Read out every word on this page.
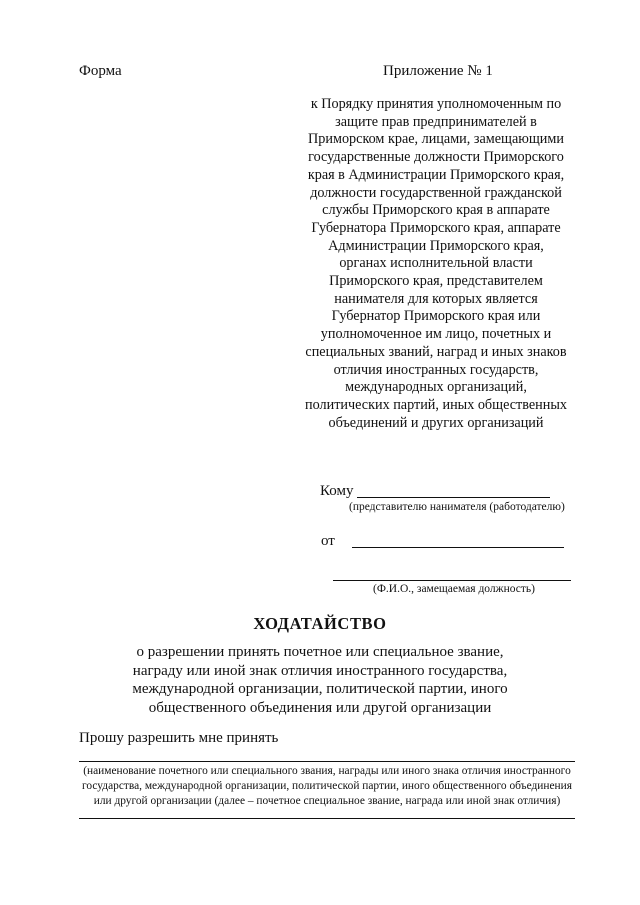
Форма	Приложение № 1
к Порядку принятия уполномоченным по
защите прав предпринимателей в
Приморском крае, лицами, замещающими
государственные должности Приморского
края в Администрации Приморского края,
должности государственной гражданской
службы Приморского края в аппарате
Губернатора Приморского края, аппарате
Администрации Приморского края,
органах исполнительной власти
Приморского края, представителем
нанимателя для которых является
Губернатор Приморского края или
уполномоченное им лицо, почетных и
специальных званий, наград и иных знаков
отличия иностранных государств,
международных организаций,
политических партий, иных общественных
объединений и других организаций
Кому
(представителю нанимателя (работодателю)
от
(Ф.И.О., замещаемая должность)
ХОДАТАЙСТВО
о разрешении принять почетное или специальное звание,
награду или иной знак отличия иностранного государства,
международной организации, политической партии, иного
общественного объединения или другой организации
Прошу разрешить мне принять
(наименование почетного или специального звания, награды или иного знака отличия иностранного
государства, международной организации, политической партии, иного общественного объединения
или другой организации (далее – почетное специальное звание, награда или иной знак отличия)
